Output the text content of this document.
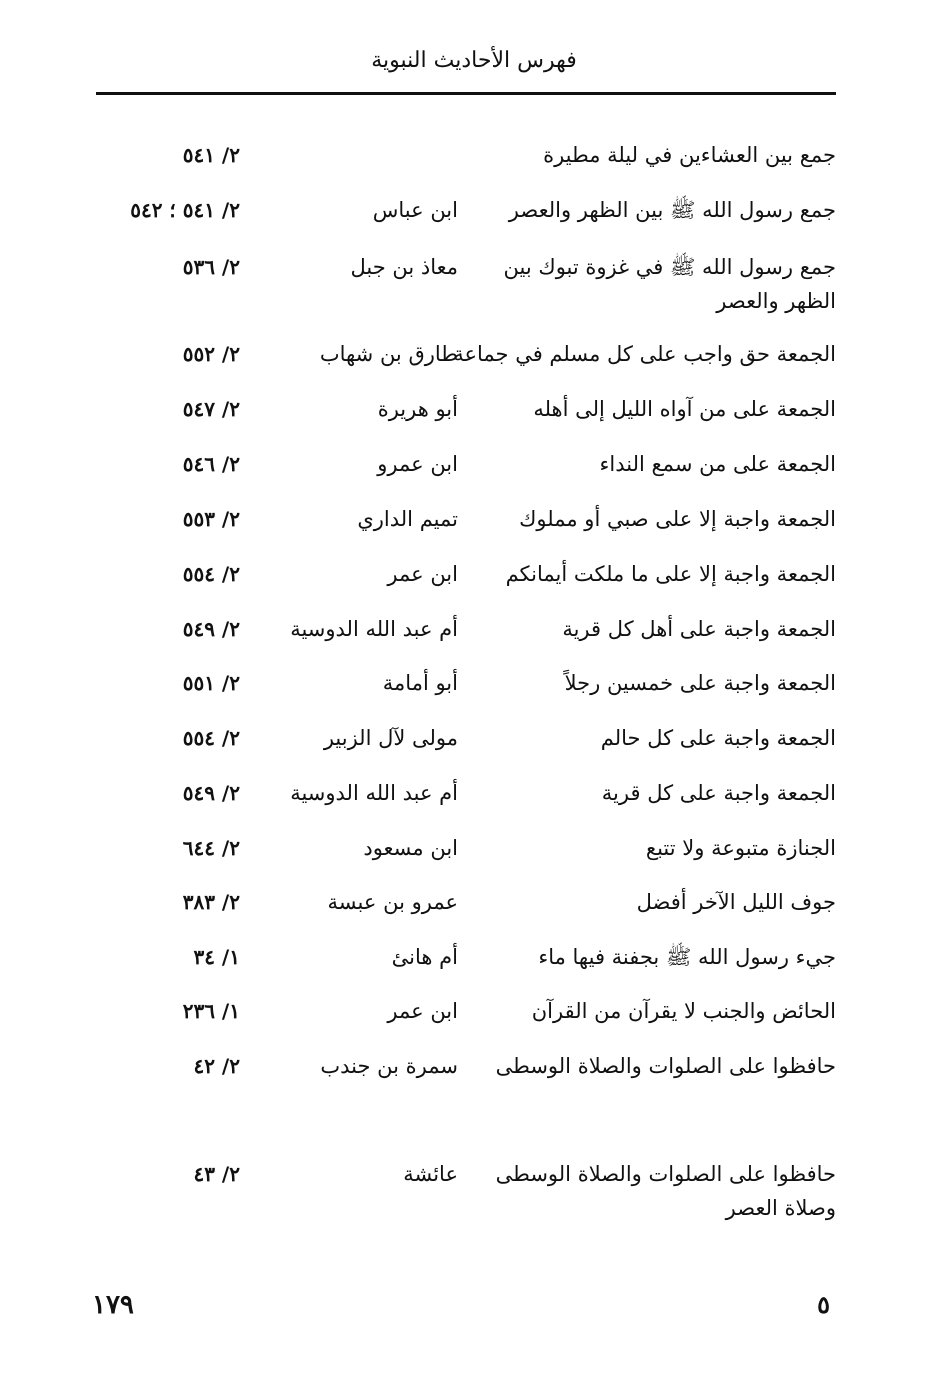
فهرس الأحاديث النبوية
جمع بين العشاءين في ليلة مطيرة
٢/ ٥٤١
جمع رسول الله ﷺ بين الظهر والعصر
ابن عباس
٢/ ٥٤١ ؛ ٥٤٢
جمع رسول الله ﷺ في غزوة تبوك بين الظهر والعصر
معاذ بن جبل
٢/ ٥٣٦
الجمعة حق واجب على كل مسلم في جماعة
طارق بن شهاب
٢/ ٥٥٢
الجمعة على من آواه الليل إلى أهله
أبو هريرة
٢/ ٥٤٧
الجمعة على من سمع النداء
ابن عمرو
٢/ ٥٤٦
الجمعة واجبة إلا على صبي أو مملوك
تميم الداري
٢/ ٥٥٣
الجمعة واجبة إلا على ما ملكت أيمانكم
ابن عمر
٢/ ٥٥٤
الجمعة واجبة على أهل كل قرية
أم عبد الله الدوسية
٢/ ٥٤٩
الجمعة واجبة على خمسين رجلاً
أبو أمامة
٢/ ٥٥١
الجمعة واجبة على كل حالم
مولى لآل الزبير
٢/ ٥٥٤
الجمعة واجبة على كل قرية
أم عبد الله الدوسية
٢/ ٥٤٩
الجنازة متبوعة ولا تتبع
ابن مسعود
٢/ ٦٤٤
جوف الليل الآخر أفضل
عمرو بن عبسة
٢/ ٣٨٣
جيء رسول الله ﷺ بجفنة فيها ماء
أم هانئ
١/ ٣٤
الحائض والجنب لا يقرآن من القرآن
ابن عمر
١/ ٢٣٦
حافظوا على الصلوات والصلاة الوسطى
سمرة بن جندب
٢/ ٤٢
حافظوا على الصلوات والصلاة الوسطى وصلاة العصر
عائشة
٢/ ٤٣
١٧٩	٥
